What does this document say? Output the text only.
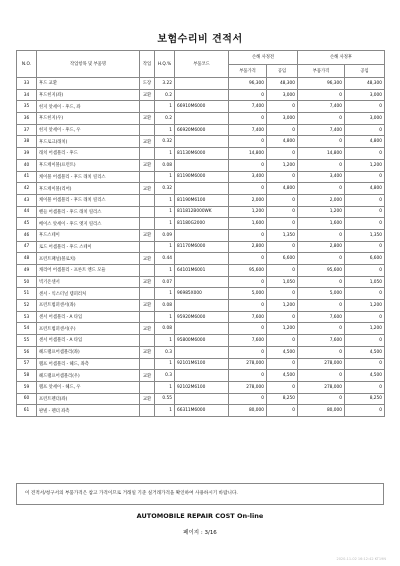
보험수리비 견적서
N.O.	작업항목 및 부품명	작업	H.Q.%	부품코드	손해 사정전		손해 사정후	
					부품가격	공임	부품가격	공임
33	후드 교환	도장	3.22		96,300	48,300	96,300	48,300
34	후드힌지(좌)	교환	0.2		0	3,000	0	3,000
35	힌지 앗세이 - 후드, 좌		1	66910M6000	7,400	0	7,400	0
36	후드힌지(우)	교환	0.2		0	3,000	0	3,000
37	힌지 앗세이 - 후드, 우		1	66920M6000	7,400	0	7,400	0
38	후드로크(래치)	교환	0.32		0	4,800	0	4,800
39	래치 어셈블리 - 후드		1	81130M6000	14,800	0	14,800	0
40	후드케이블(프런트)	교환	0.08		0	1,200	0	1,200
41	케이블 어셈블리 - 후드 래치 릴리스		1	81190M6000	3,400	0	3,400	0
42	후드케이블(리어)	교환	0.32		0	4,800	0	4,800
43	케이블 어셈블리 - 후드 래치 릴리스		1	81190M6100	2,000	0	2,000	0
44	핸들 어셈블리 - 후드 래치 릴리스		1	811812B000WK	1,200	0	1,200	0
45	베이스 앗세이 - 후드 엣지 릴리스		1	81180G2000	1,600	0	1,600	0
46	후드스테이	교환	0.09		0	1,350	0	1,350
47	로드 어셈블리 - 후드 스테이		1	81170M6000	2,800	0	2,800	0
48	프런트패널(블로치)	교환	0.44		0	6,600	0	6,600
49	캐리어 어셈블리 - 프론트 엔드 모듈		1	64101M6001	95,600	0	95,600	0
50	빅기온센서	교환	0.07		0	1,050	0	1,050
51	센서 - 익스터널 템퍼러처		1	96985X000	5,000	0	5,000	0
52	프런트범퍼센서(좌)	교환	0.08		0	1,200	0	1,200
53	센서 어셈블리 - A 타입		1	95920M6000	7,600	0	7,600	0
54	프런트범퍼센서(우)	교환	0.08		0	1,200	0	1,200
55	센서 어셈블리 - A 타입		1	95800M6000	7,600	0	7,600	0
56	헤드램프어셈블리(좌)	교환	0.3		0	4,500	0	4,500
57	램프 어셈블리 - 헤드, 좌측		1	92101M6100	278,000	0	278,000	0
58	헤드램프어셈블리(우)	교환	0.3		0	4,500	0	4,500
59	램프 앗세이 - 헤드, 우		1	92102M6100	278,000	0	278,000	0
60	프런트펜더(좌)	교환	0.55		0	8,250	0	8,250
61	판넬 - 펜더 좌측		1	66311M6000	80,000	0	80,000	0
이 견적서/청구서의 부품가격은 참고 가격이므로 거래일 기준 실거래가격을 확인하여 사용하시기 바랍니다.
AUTOMOBILE REPAIR COST On-line
페이지 : 3/16
2020-11-02 16:12:42 KT19N
